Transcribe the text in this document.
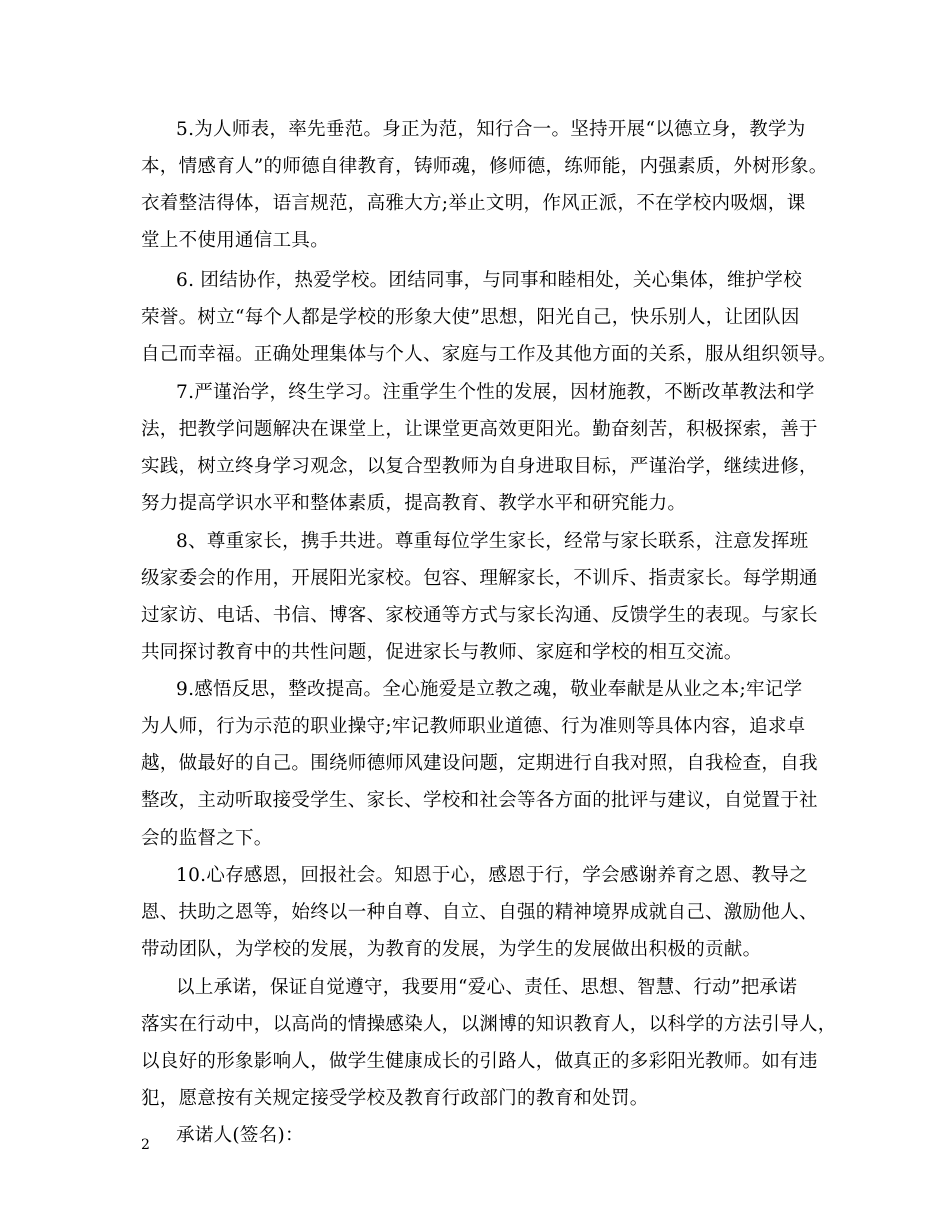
5.为人师表，率先垂范。身正为范，知行合一。坚持开展“以德立身，教学为
本，情感育人”的师德自律教育，铸师魂，修师德，练师能，内强素质，外树形象。
衣着整洁得体，语言规范，高雅大方;举止文明，作风正派，不在学校内吸烟，课
堂上不使用通信工具。
6. 团结协作，热爱学校。团结同事，与同事和睦相处，关心集体，维护学校
荣誉。树立“每个人都是学校的形象大使”思想，阳光自己，快乐别人，让团队因
自己而幸福。正确处理集体与个人、家庭与工作及其他方面的关系，服从组织领导。
7.严谨治学，终生学习。注重学生个性的发展，因材施教，不断改革教法和学
法，把教学问题解决在课堂上，让课堂更高效更阳光。勤奋刻苦，积极探索，善于
实践，树立终身学习观念，以复合型教师为自身进取目标，严谨治学，继续进修，
努力提高学识水平和整体素质，提高教育、教学水平和研究能力。
8、尊重家长，携手共进。尊重每位学生家长，经常与家长联系，注意发挥班
级家委会的作用，开展阳光家校。包容、理解家长，不训斥、指责家长。每学期通
过家访、电话、书信、博客、家校通等方式与家长沟通、反馈学生的表现。与家长
共同探讨教育中的共性问题，促进家长与教师、家庭和学校的相互交流。
9.感悟反思，整改提高。全心施爱是立教之魂，敬业奉献是从业之本;牢记学
为人师，行为示范的职业操守;牢记教师职业道德、行为准则等具体内容，追求卓
越，做最好的自己。围绕师德师风建设问题，定期进行自我对照，自我检查，自我
整改，主动听取接受学生、家长、学校和社会等各方面的批评与建议，自觉置于社
会的监督之下。
10.心存感恩，回报社会。知恩于心，感恩于行，学会感谢养育之恩、教导之
恩、扶助之恩等，始终以一种自尊、自立、自强的精神境界成就自己、激励他人、
带动团队，为学校的发展，为教育的发展，为学生的发展做出积极的贡献。
以上承诺，保证自觉遵守，我要用“爱心、责任、思想、智慧、行动”把承诺
落实在行动中，以高尚的情操感染人，以渊博的知识教育人，以科学的方法引导人，
以良好的形象影响人，做学生健康成长的引路人，做真正的多彩阳光教师。如有违
犯，愿意按有关规定接受学校及教育行政部门的教育和处罚。
承诺人(签名)：
2
